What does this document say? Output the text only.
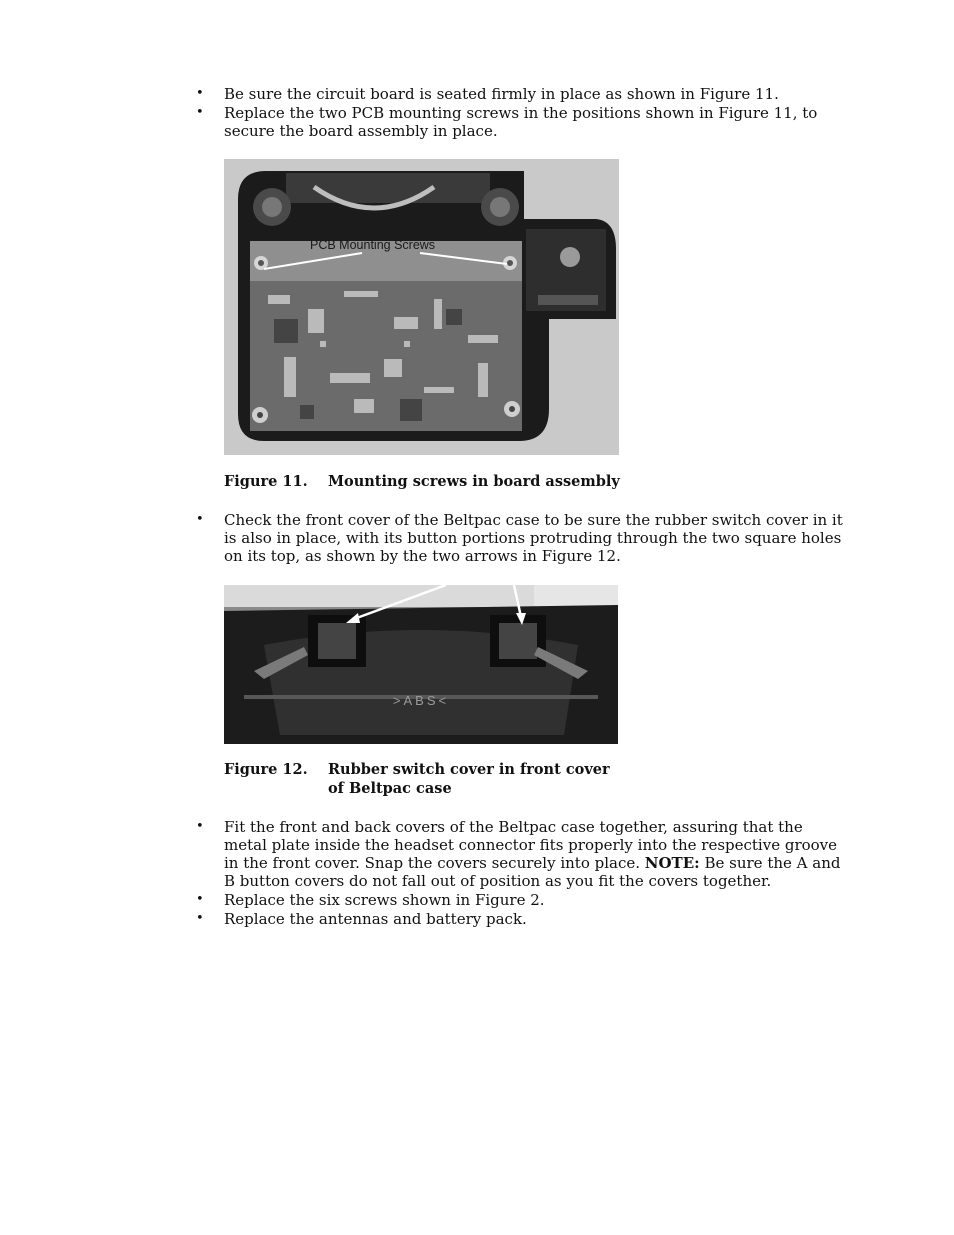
• Be sure the circuit board is seated firmly in place as shown in Figure 11.
• Replace the two PCB mounting screws in the positions shown in Figure 11, to secure the board assembly in place.
PCB Mounting Screws
Figure 11. Mounting screws in board assembly
• Check the front cover of the Beltpac case to be sure the rubber switch cover in it is also in place, with its button portions protruding through the two square holes on its top, as shown by the two arrows in Figure 12.
>ABS<
Figure 12. Rubber switch cover in front cover
of Beltpac case
• Fit the front and back covers of the Beltpac case together, assuring that the metal plate inside the headset connector fits properly into the respective groove in the front cover. Snap the covers securely into place. NOTE: Be sure the A and B button covers do not fall out of position as you fit the covers together.
• Replace the six screws shown in Figure 2.
• Replace the antennas and battery pack.
